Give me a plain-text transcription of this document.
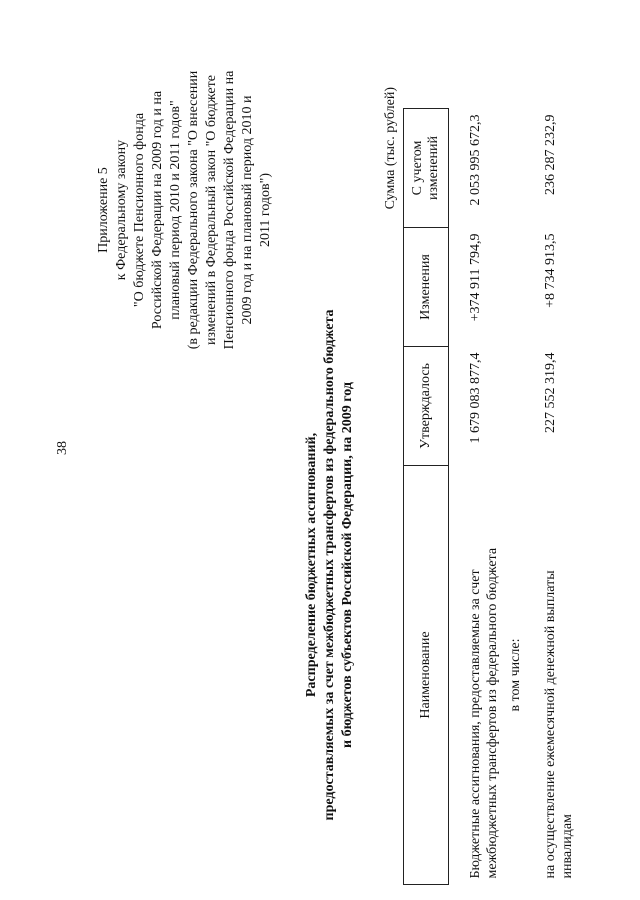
38
Приложение 5 к Федеральному закону "О бюджете Пенсионного фонда Российской Федерации на 2009 год и на плановый период 2010 и 2011 годов" (в редакции Федерального закона "О внесении изменений в Федеральный закон "О бюджете Пенсионного фонда Российской Федерации на 2009 год и на плановый период 2010 и 2011 годов")
Распределение бюджетных ассигнований, предоставляемых за счет межбюджетных трансфертов из федерального бюджета и бюджетов субъектов Российской Федерации, на 2009 год
Сумма (тыс. рублей)
Наименование	Утверждалось	Изменения	С учетом изменений

Бюджетные ассигнования, предоставляемые за счет межбюджетных трансфертов из федерального бюджета	1 679 083 877,4	+374 911 794,9	2 053 995 672,3
в том числе:			

на осуществление ежемесячной денежной выплаты инвалидам	227 552 319,4	+8 734 913,5	236 287 232,9
